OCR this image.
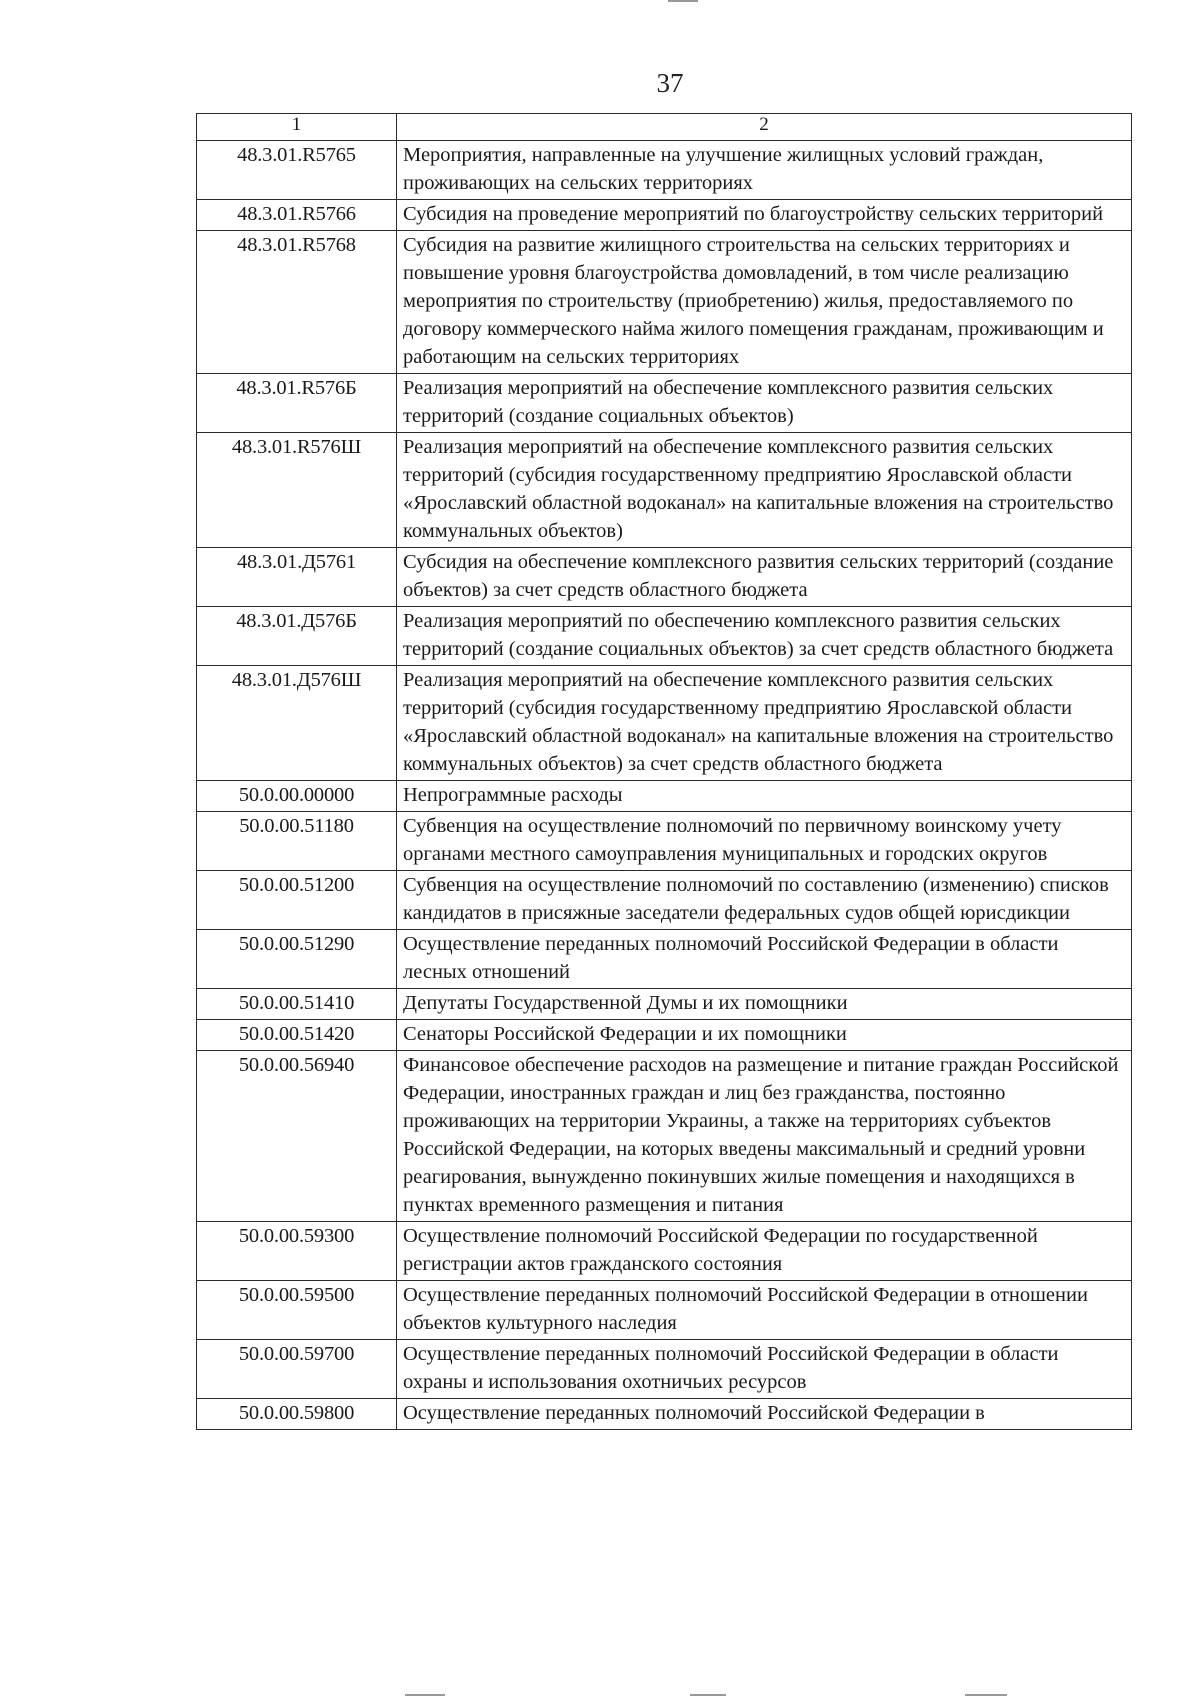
37
1	2
48.3.01.R5765	Мероприятия, направленные на улучшение жилищных условий граждан, проживающих на сельских территориях
48.3.01.R5766	Субсидия на проведение мероприятий по благоустройству сельских территорий
48.3.01.R5768	Субсидия на развитие жилищного строительства на сельских территориях и повышение уровня благоустройства домовладений, в том числе реализацию мероприятия по строительству (приобретению) жилья, предоставляемого по договору коммерческого найма жилого помещения гражданам, проживающим и работающим на сельских территориях
48.3.01.R576Б	Реализация мероприятий на обеспечение комплексного развития сельских территорий (создание социальных объектов)
48.3.01.R576Ш	Реализация мероприятий на обеспечение комплексного развития сельских территорий (субсидия государственному предприятию Ярославской области «Ярославский областной водоканал» на капитальные вложения на строительство коммунальных объектов)
48.3.01.Д5761	Субсидия на обеспечение комплексного развития сельских территорий (создание объектов) за счет средств областного бюджета
48.3.01.Д576Б	Реализация мероприятий по обеспечению комплексного развития сельских территорий (создание социальных объектов) за счет средств областного бюджета
48.3.01.Д576Ш	Реализация мероприятий на обеспечение комплексного развития сельских территорий (субсидия государственному предприятию Ярославской области «Ярославский областной водоканал» на капитальные вложения на строительство коммунальных объектов) за счет средств областного бюджета
50.0.00.00000	Непрограммные расходы
50.0.00.51180	Субвенция на осуществление полномочий по первичному воинскому учету органами местного самоуправления муниципальных и городских округов
50.0.00.51200	Субвенция на осуществление полномочий по составлению (изменению) списков кандидатов в присяжные заседатели федеральных судов общей юрисдикции
50.0.00.51290	Осуществление переданных полномочий Российской Федерации в области лесных отношений
50.0.00.51410	Депутаты Государственной Думы и их помощники
50.0.00.51420	Сенаторы Российской Федерации и их помощники
50.0.00.56940	Финансовое обеспечение расходов на размещение и питание граждан Российской Федерации, иностранных граждан и лиц без гражданства, постоянно проживающих на территории Украины, а также на территориях субъектов Российской Федерации, на которых введены максимальный и средний уровни реагирования, вынужденно покинувших жилые помещения и находящихся в пунктах временного размещения и питания
50.0.00.59300	Осуществление полномочий Российской Федерации по государственной регистрации актов гражданского состояния
50.0.00.59500	Осуществление переданных полномочий Российской Федерации в отношении объектов культурного наследия
50.0.00.59700	Осуществление переданных полномочий Российской Федерации в области охраны и использования охотничьих ресурсов
50.0.00.59800	Осуществление переданных полномочий Российской Федерации в
